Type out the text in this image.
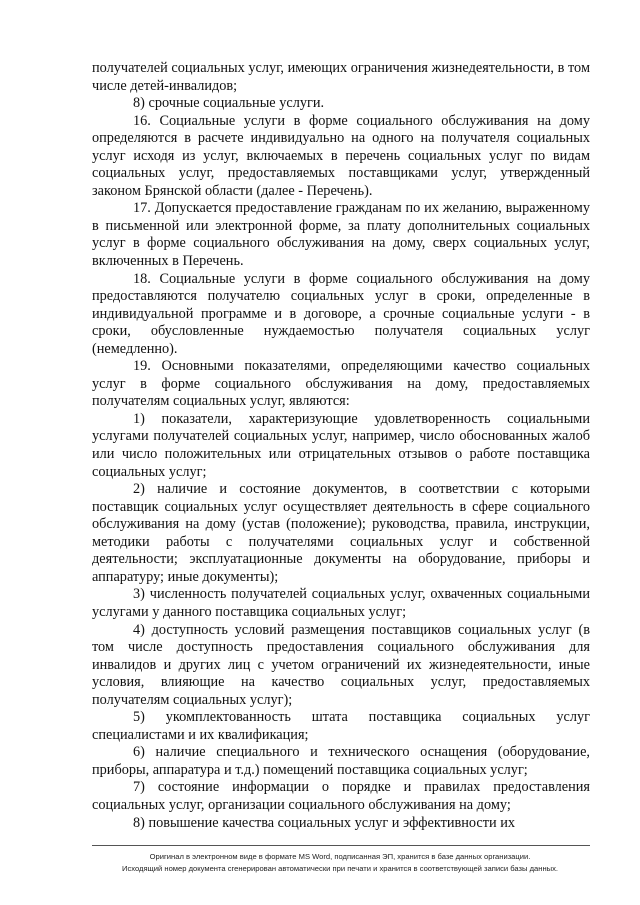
получателей социальных услуг, имеющих ограничения жизнедеятельности, в том числе детей-инвалидов;

8) срочные социальные услуги.

16. Социальные услуги в форме социального обслуживания на дому определяются в расчете индивидуально на одного на получателя социальных услуг исходя из услуг, включаемых в перечень социальных услуг по видам социальных услуг, предоставляемых поставщиками услуг, утвержденный законом Брянской области (далее - Перечень).

17. Допускается предоставление гражданам по их желанию, выраженному в письменной или электронной форме, за плату дополнительных социальных услуг в форме социального обслуживания на дому, сверх социальных услуг, включенных в Перечень.

18. Социальные услуги в форме социального обслуживания на дому предоставляются получателю социальных услуг в сроки, определенные в индивидуальной программе и в договоре, а срочные социальные услуги - в сроки, обусловленные нуждаемостью получателя социальных услуг (немедленно).

19. Основными показателями, определяющими качество социальных услуг в форме социального обслуживания на дому, предоставляемых получателям социальных услуг, являются:

1) показатели, характеризующие удовлетворенность социальными услугами получателей социальных услуг, например, число обоснованных жалоб или число положительных или отрицательных отзывов о работе поставщика социальных услуг;

2) наличие и состояние документов, в соответствии с которыми поставщик социальных услуг осуществляет деятельность в сфере социального обслуживания на дому (устав (положение); руководства, правила, инструкции, методики работы с получателями социальных услуг и собственной деятельности; эксплуатационные документы на оборудование, приборы и аппаратуру; иные документы);

3) численность получателей социальных услуг, охваченных социальными услугами у данного поставщика социальных услуг;

4) доступность условий размещения поставщиков социальных услуг (в том числе доступность предоставления социального обслуживания для инвалидов и других лиц с учетом ограничений их жизнедеятельности, иные условия, влияющие на качество социальных услуг, предоставляемых получателям социальных услуг);

5) укомплектованность штата поставщика социальных услуг специалистами и их квалификация;

6) наличие специального и технического оснащения (оборудование, приборы, аппаратура и т.д.) помещений поставщика социальных услуг;

7) состояние информации о порядке и правилах предоставления социальных услуг, организации социального обслуживания на дому;

8) повышение качества социальных услуг и эффективности их

Оригинал в электронном виде в формате MS Word, подписанная ЭП, хранится в базе данных организации.

Исходящий номер документа сгенерирован автоматически при печати и хранится в соответствующей записи базы данных.
